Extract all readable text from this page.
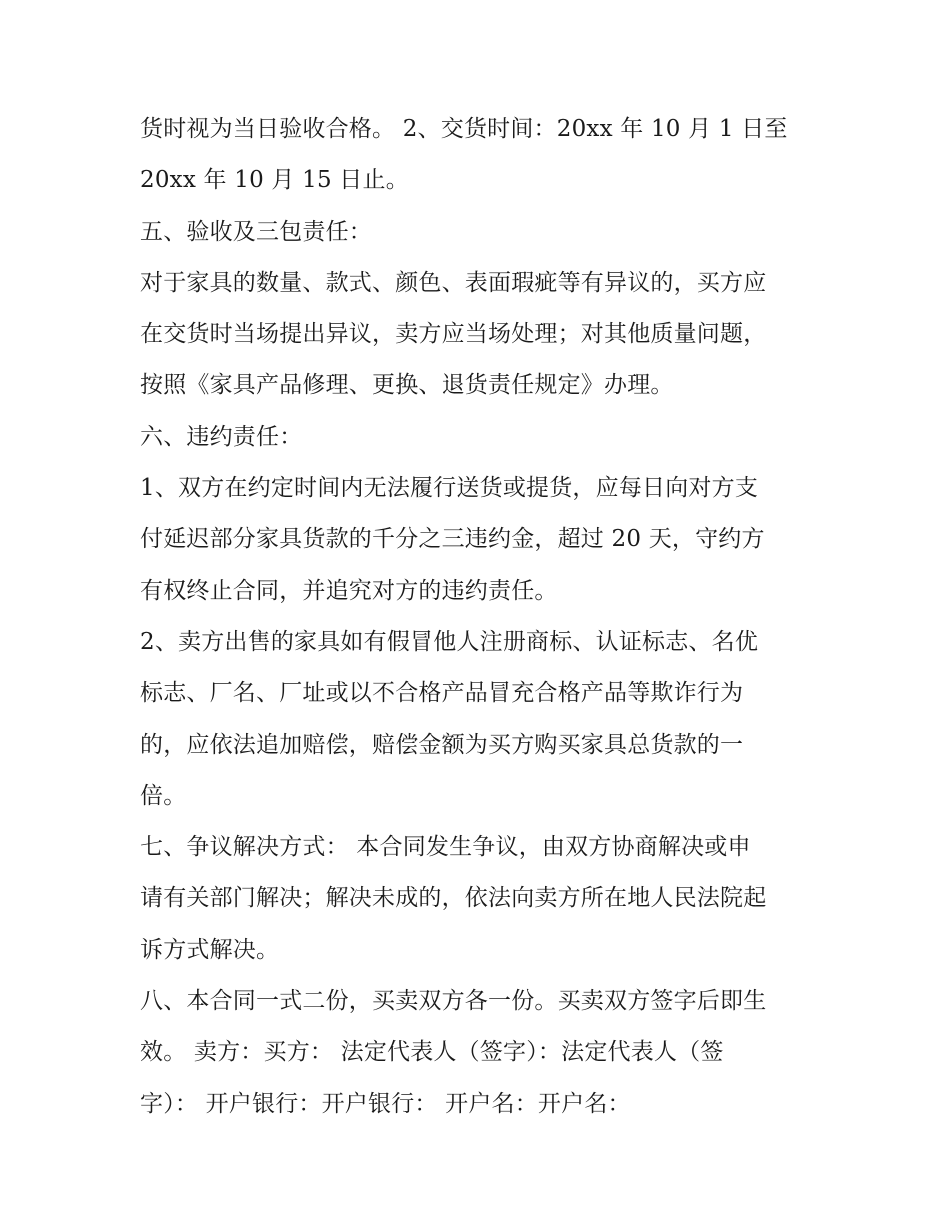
货时视为当日验收合格。 2、交货时间：20xx 年 10 月 1 日至
20xx 年 10 月 15 日止。
五、验收及三包责任：
对于家具的数量、款式、颜色、表面瑕疵等有异议的，买方应
在交货时当场提出异议，卖方应当场处理；对其他质量问题，
按照《家具产品修理、更换、退货责任规定》办理。
六、违约责任：
1、双方在约定时间内无法履行送货或提货，应每日向对方支
付延迟部分家具货款的千分之三违约金，超过 20 天，守约方
有权终止合同，并追究对方的违约责任。
2、卖方出售的家具如有假冒他人注册商标、认证标志、名优
标志、厂名、厂址或以不合格产品冒充合格产品等欺诈行为
的，应依法追加赔偿，赔偿金额为买方购买家具总货款的一
倍。
七、争议解决方式： 本合同发生争议，由双方协商解决或申
请有关部门解决；解决未成的，依法向卖方所在地人民法院起
诉方式解决。
八、本合同一式二份，买卖双方各一份。买卖双方签字后即生
效。 卖方：买方： 法定代表人（签字）：法定代表人（签
字）： 开户银行：开户银行： 开户名：开户名：
